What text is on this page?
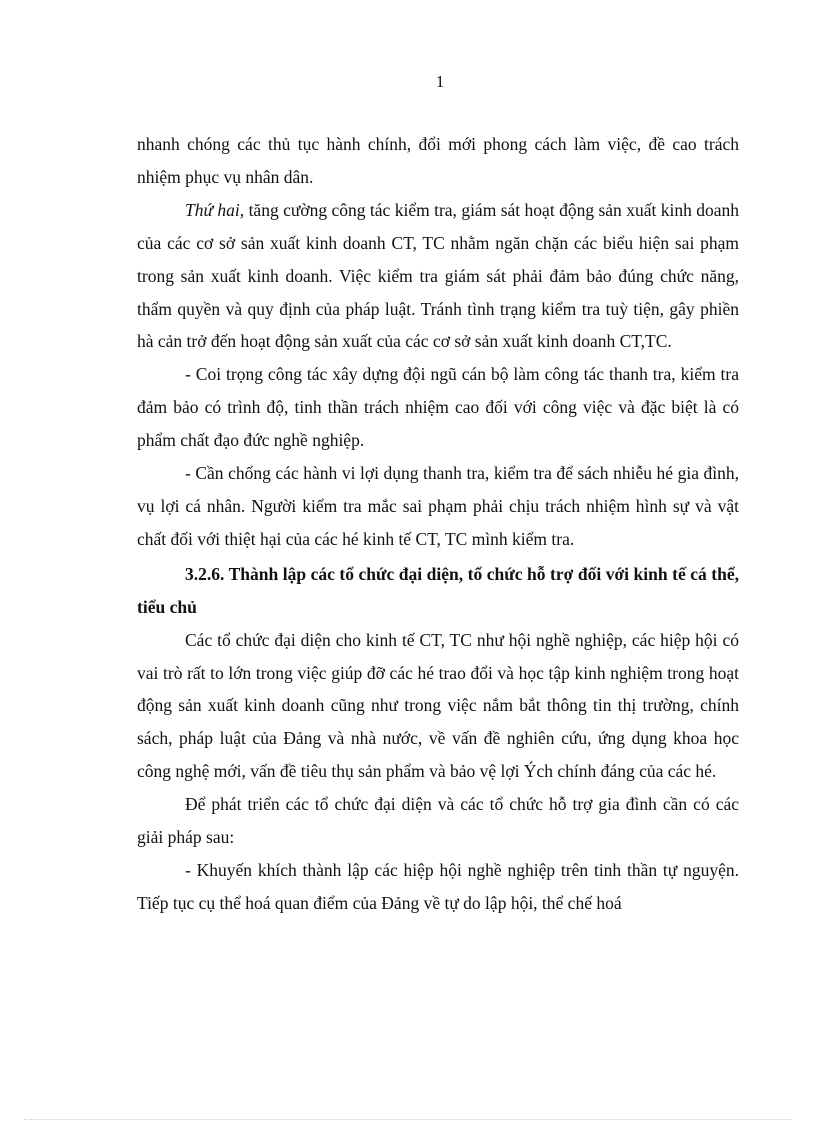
1

nhanh chóng các thủ tục hành chính, đổi mới phong cách làm việc, đề cao trách nhiệm phục vụ nhân dân.

Thứ hai, tăng cường công tác kiểm tra, giám sát hoạt động sản xuất kinh doanh của các cơ sở sản xuất kinh doanh CT, TC nhằm ngăn chặn các biểu hiện sai phạm trong sản xuất kinh doanh. Việc kiểm tra giám sát phải đảm bảo đúng chức năng, thẩm quyền và quy định của pháp luật. Tránh tình trạng kiểm tra tuỳ tiện, gây phiền hà cản trở đến hoạt động sản xuất của các cơ sở sản xuất kinh doanh CT,TC.

- Coi trọng công tác xây dựng đội ngũ cán bộ làm công tác thanh tra, kiểm tra đảm bảo có trình độ, tinh thần trách nhiệm cao đối với công việc và đặc biệt là có phẩm chất đạo đức nghề nghiệp.

- Cần chống các hành vi lợi dụng thanh tra, kiểm tra để sách nhiễu hé gia đình, vụ lợi cá nhân. Người kiểm tra mắc sai phạm phải chịu trách nhiệm hình sự và vật chất đối với thiệt hại của các hé kinh tế CT, TC mình kiểm tra.

3.2.6. Thành lập các tổ chức đại diện, tổ chức hỗ trợ đối với kinh tế cá thể, tiểu chủ

Các tổ chức đại diện cho kinh tế CT, TC như hội nghề nghiệp, các hiệp hội có vai trò rất to lớn trong việc giúp đỡ các hé trao đổi và học tập kinh nghiệm trong hoạt động sản xuất kinh doanh cũng như trong việc nắm bắt thông tin thị trường, chính sách, pháp luật của Đảng và nhà nước, về vấn đề nghiên cứu, ứng dụng khoa học công nghệ mới, vấn đề tiêu thụ sản phẩm và bảo vệ lợi Ých chính đáng của các hé.

Để phát triển các tổ chức đại diện và các tổ chức hỗ trợ gia đình cần có các giải pháp sau:

- Khuyến khích thành lập các hiệp hội nghề nghiệp trên tinh thần tự nguyện. Tiếp tục cụ thể hoá quan điểm của Đảng về tự do lập hội, thể chế hoá
